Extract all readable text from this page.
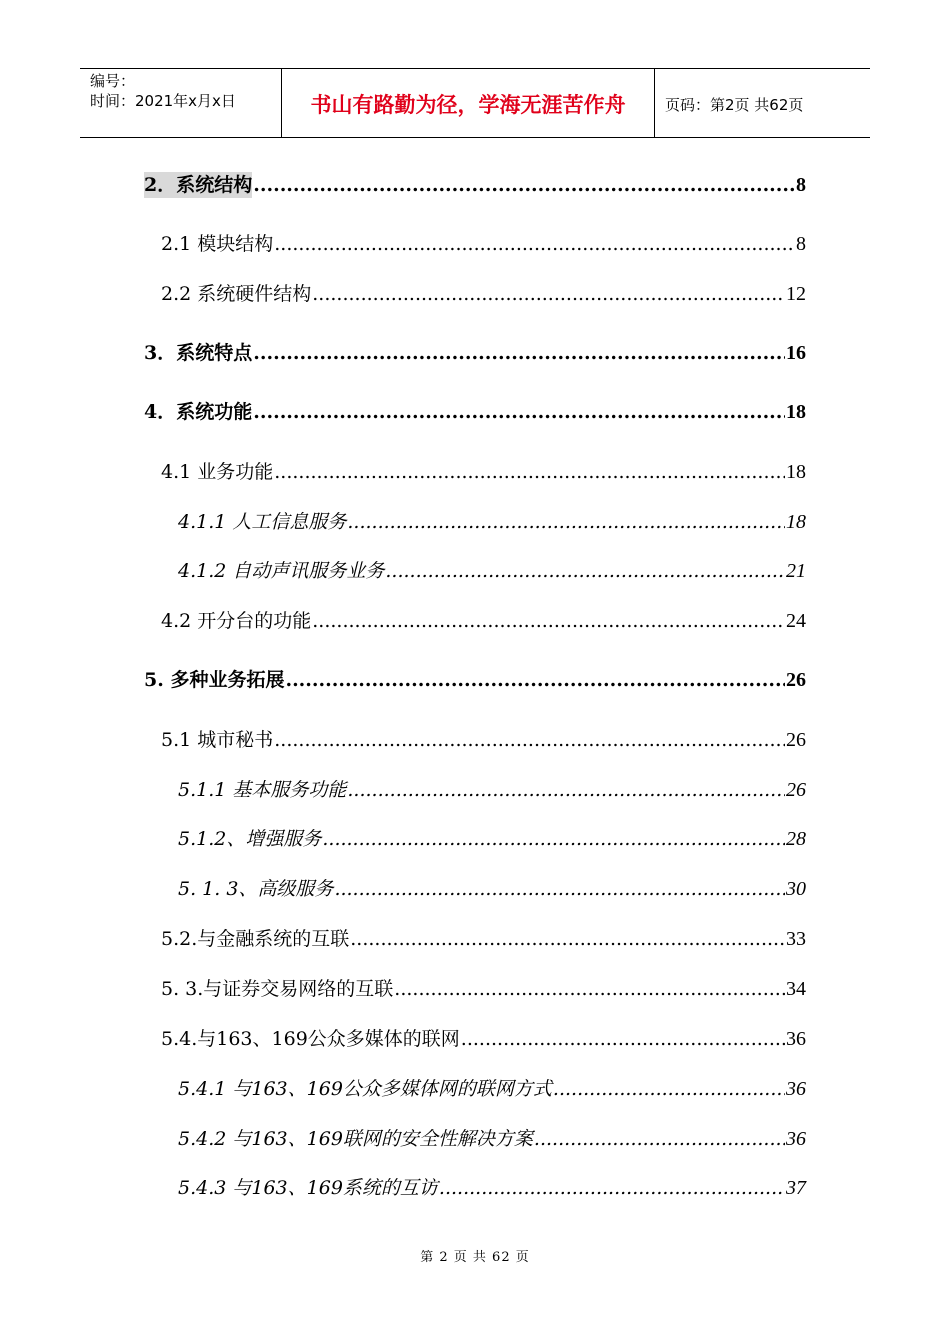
编号：
时间：2021年x月x日	书山有路勤为径，学海无涯苦作舟	页码：第2页 共62页
2．系统结构 .....	8
2.1 模块结构 .....	8
2.2 系统硬件结构 .....	12
3．系统特点 .....	16
4．系统功能 .....	18
4.1 业务功能 .....	18
4.1.1 人工信息服务 .....	18
4.1.2 自动声讯服务业务 .....	21
4.2 开分台的功能 .....	24
5. 多种业务拓展 .....	26
5.1 城市秘书 .....	26
5.1.1 基本服务功能 .....	26
5.1.2、增强服务 .....	28
5. 1. 3、高级服务 .....	30
5.2.与金融系统的互联 .....	33
5. 3.与证券交易网络的互联 .....	34
5.4.与163、169公众多媒体的联网 .....	36
5.4.1 与163、169公众多媒体网的联网方式 .....	36
5.4.2 与163、169联网的安全性解决方案 .....	36
5.4.3 与163、169系统的互访 .....	37
第 2 页 共 62 页
